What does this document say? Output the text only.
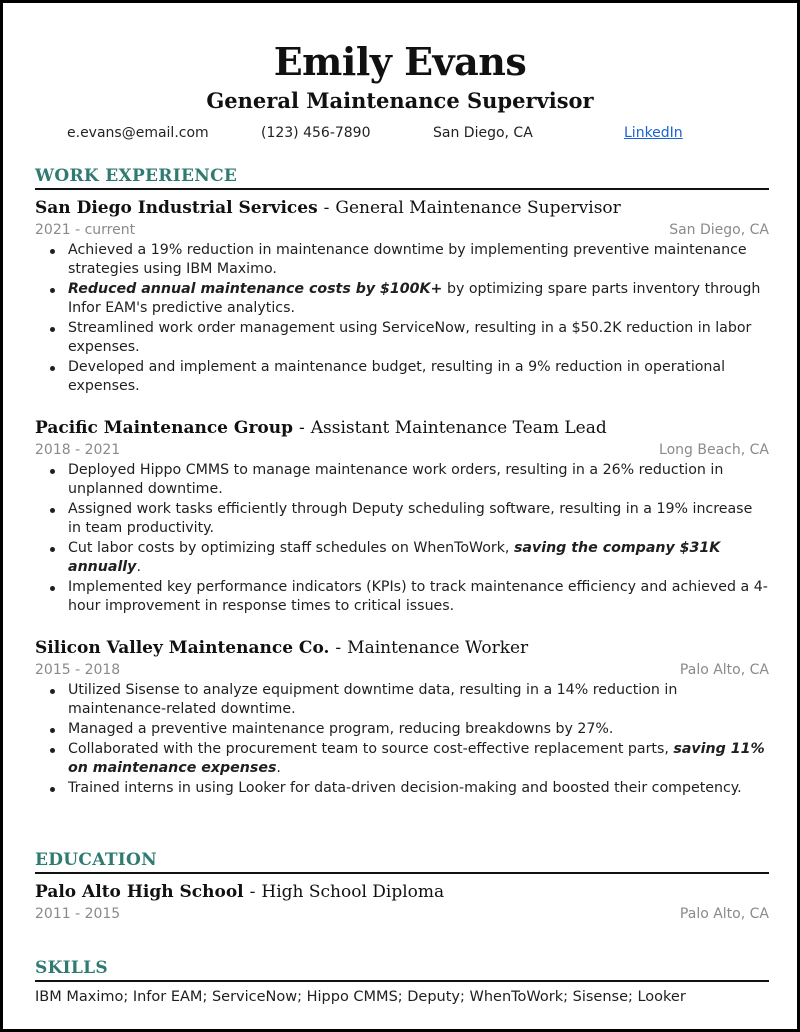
Emily Evans
General Maintenance Supervisor
e.evans@email.com	(123) 456-7890	San Diego, CA	LinkedIn
WORK EXPERIENCE
San Diego Industrial Services - General Maintenance Supervisor
2021 - current	San Diego, CA
Achieved a 19% reduction in maintenance downtime by implementing preventive maintenance strategies using IBM Maximo.
Reduced annual maintenance costs by $100K+ by optimizing spare parts inventory through Infor EAM's predictive analytics.
Streamlined work order management using ServiceNow, resulting in a $50.2K reduction in labor expenses.
Developed and implement a maintenance budget, resulting in a 9% reduction in operational expenses.
Pacific Maintenance Group - Assistant Maintenance Team Lead
2018 - 2021	Long Beach, CA
Deployed Hippo CMMS to manage maintenance work orders, resulting in a 26% reduction in unplanned downtime.
Assigned work tasks efficiently through Deputy scheduling software, resulting in a 19% increase in team productivity.
Cut labor costs by optimizing staff schedules on WhenToWork, saving the company $31K annually.
Implemented key performance indicators (KPIs) to track maintenance efficiency and achieved a 4-hour improvement in response times to critical issues.
Silicon Valley Maintenance Co. - Maintenance Worker
2015 - 2018	Palo Alto, CA
Utilized Sisense to analyze equipment downtime data, resulting in a 14% reduction in maintenance-related downtime.
Managed a preventive maintenance program, reducing breakdowns by 27%.
Collaborated with the procurement team to source cost-effective replacement parts, saving 11% on maintenance expenses.
Trained interns in using Looker for data-driven decision-making and boosted their competency.
EDUCATION
Palo Alto High School - High School Diploma
2011 - 2015	Palo Alto, CA
SKILLS
IBM Maximo; Infor EAM; ServiceNow; Hippo CMMS; Deputy; WhenToWork; Sisense; Looker
